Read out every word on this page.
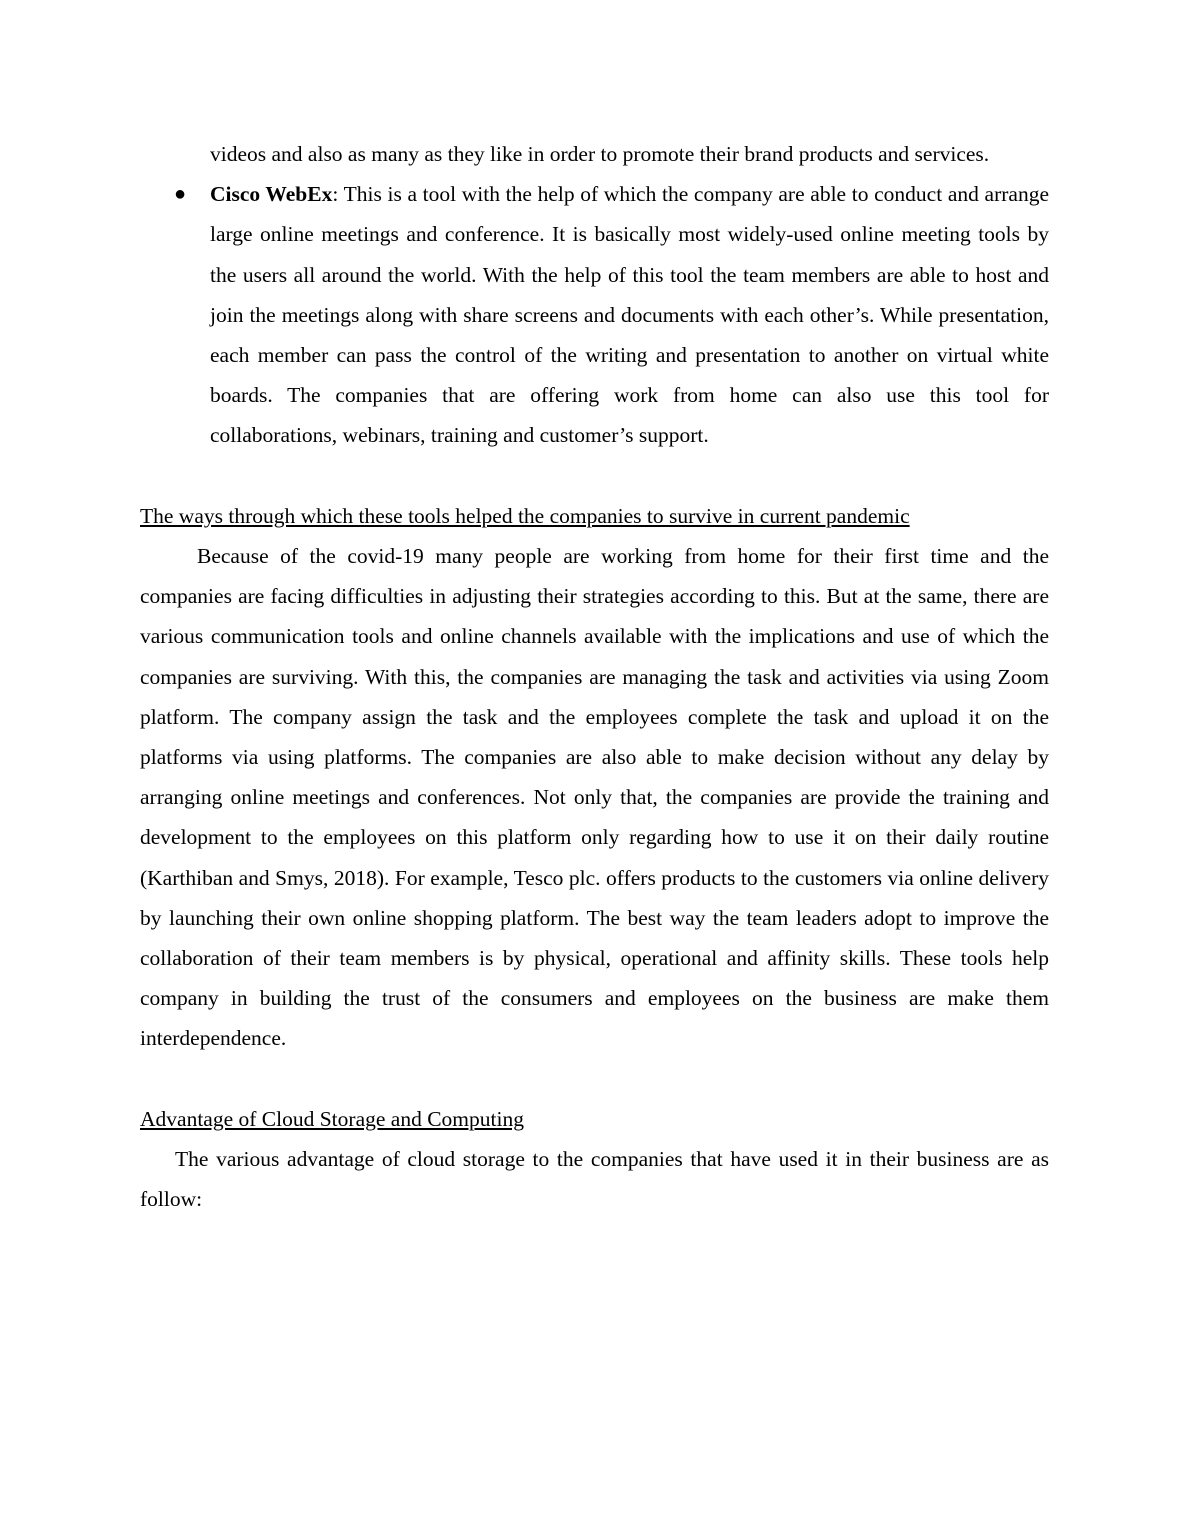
videos and also as many as they like in order to promote their brand products and services.

● Cisco WebEx: This is a tool with the help of which the company are able to conduct and arrange large online meetings and conference. It is basically most widely-used online meeting tools by the users all around the world. With the help of this tool the team members are able to host and join the meetings along with share screens and documents with each other’s. While presentation, each member can pass the control of the writing and presentation to another on virtual white boards. The companies that are offering work from home can also use this tool for collaborations, webinars, training and customer’s support.

The ways through which these tools helped the companies to survive in current pandemic

Because of the covid-19 many people are working from home for their first time and the companies are facing difficulties in adjusting their strategies according to this. But at the same, there are various communication tools and online channels available with the implications and use of which the companies are surviving. With this, the companies are managing the task and activities via using Zoom platform. The company assign the task and the employees complete the task and upload it on the platforms via using platforms. The companies are also able to make decision without any delay by arranging online meetings and conferences. Not only that, the companies are provide the training and development to the employees on this platform only regarding how to use it on their daily routine (Karthiban and Smys, 2018). For example, Tesco plc. offers products to the customers via online delivery by launching their own online shopping platform. The best way the team leaders adopt to improve the collaboration of their team members is by physical, operational and affinity skills. These tools help company in building the trust of the consumers and employees on the business are make them interdependence.

Advantage of Cloud Storage and Computing

The various advantage of cloud storage to the companies that have used it in their business are as follow:
